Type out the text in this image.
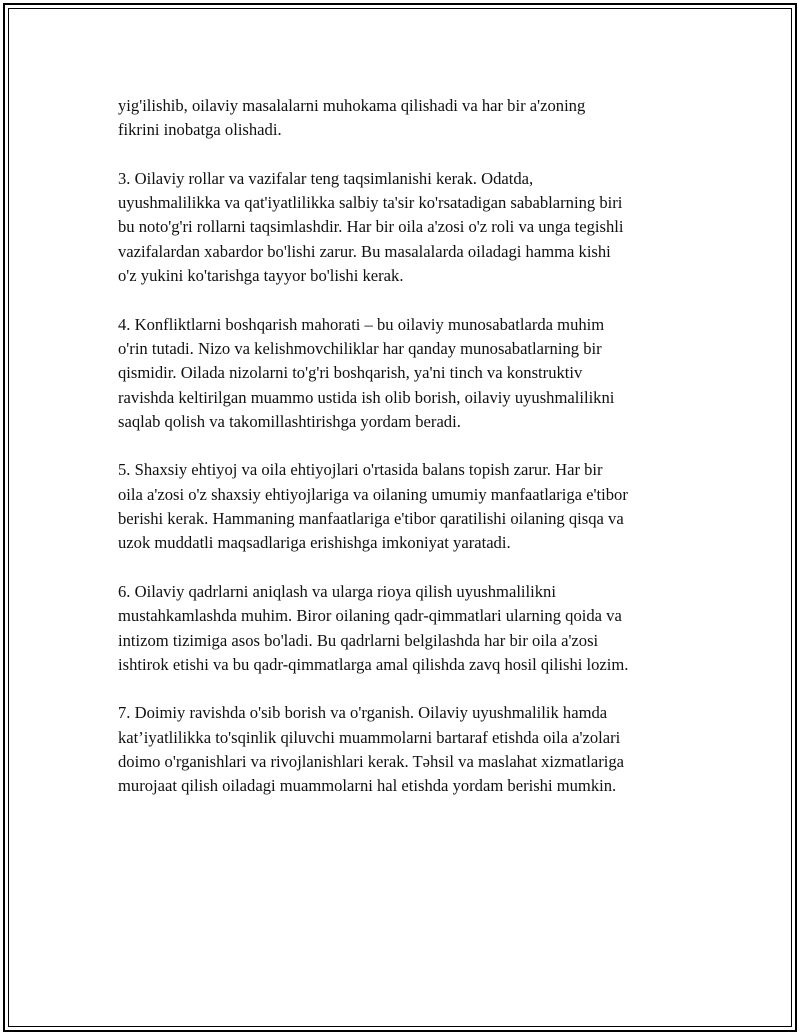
yig'ilishib, oilaviy masalalarni muhokama qilishadi va har bir a'zoning
fikrini inobatga olishadi.

3. Oilaviy rollar va vazifalar teng taqsimlanishi kerak. Odatda,
uyushmalilikka va qat'iyatlilikka salbiy ta'sir ko'rsatadigan sabablarning biri
bu noto'g'ri rollarni taqsimlashdir. Har bir oila a'zosi o'z roli va unga tegishli
vazifalardan xabardor bo'lishi zarur. Bu masalalarda oiladagi hamma kishi
o'z yukini ko'tarishga tayyor bo'lishi kerak.

4. Konfliktlarni boshqarish mahorati – bu oilaviy munosabatlarda muhim
o'rin tutadi. Nizo va kelishmovchiliklar har qanday munosabatlarning bir
qismidir. Oilada nizolarni to'g'ri boshqarish, ya'ni tinch va konstruktiv
ravishda keltirilgan muammo ustida ish olib borish, oilaviy uyushmalilikni
saqlab qolish va takomillashtirishga yordam beradi.

5. Shaxsiy ehtiyoj va oila ehtiyojlari o'rtasida balans topish zarur. Har bir
oila a'zosi o'z shaxsiy ehtiyojlariga va oilaning umumiy manfaatlariga e'tibor
berishi kerak. Hammaning manfaatlariga e'tibor qaratilishi oilaning qisqa va
uzok muddatli maqsadlariga erishishga imkoniyat yaratadi.

6. Oilaviy qadrlarni aniqlash va ularga rioya qilish uyushmalilikni
mustahkamlashda muhim. Biror oilaning qadr-qimmatlari ularning qoida va
intizom tizimiga asos bo'ladi. Bu qadrlarni belgilashda har bir oila a'zosi
ishtirok etishi va bu qadr-qimmatlarga amal qilishda zavq hosil qilishi lozim.

7. Doimiy ravishda o'sib borish va o'rganish. Oilaviy uyushmalilik hamda
kat’iyatlilikka to'sqinlik qiluvchi muammolarni bartaraf etishda oila a'zolari
doimo o'rganishlari va rivojlanishlari kerak. Təhsil va maslahat xizmatlariga
murojaat qilish oiladagi muammolarni hal etishda yordam berishi mumkin.
